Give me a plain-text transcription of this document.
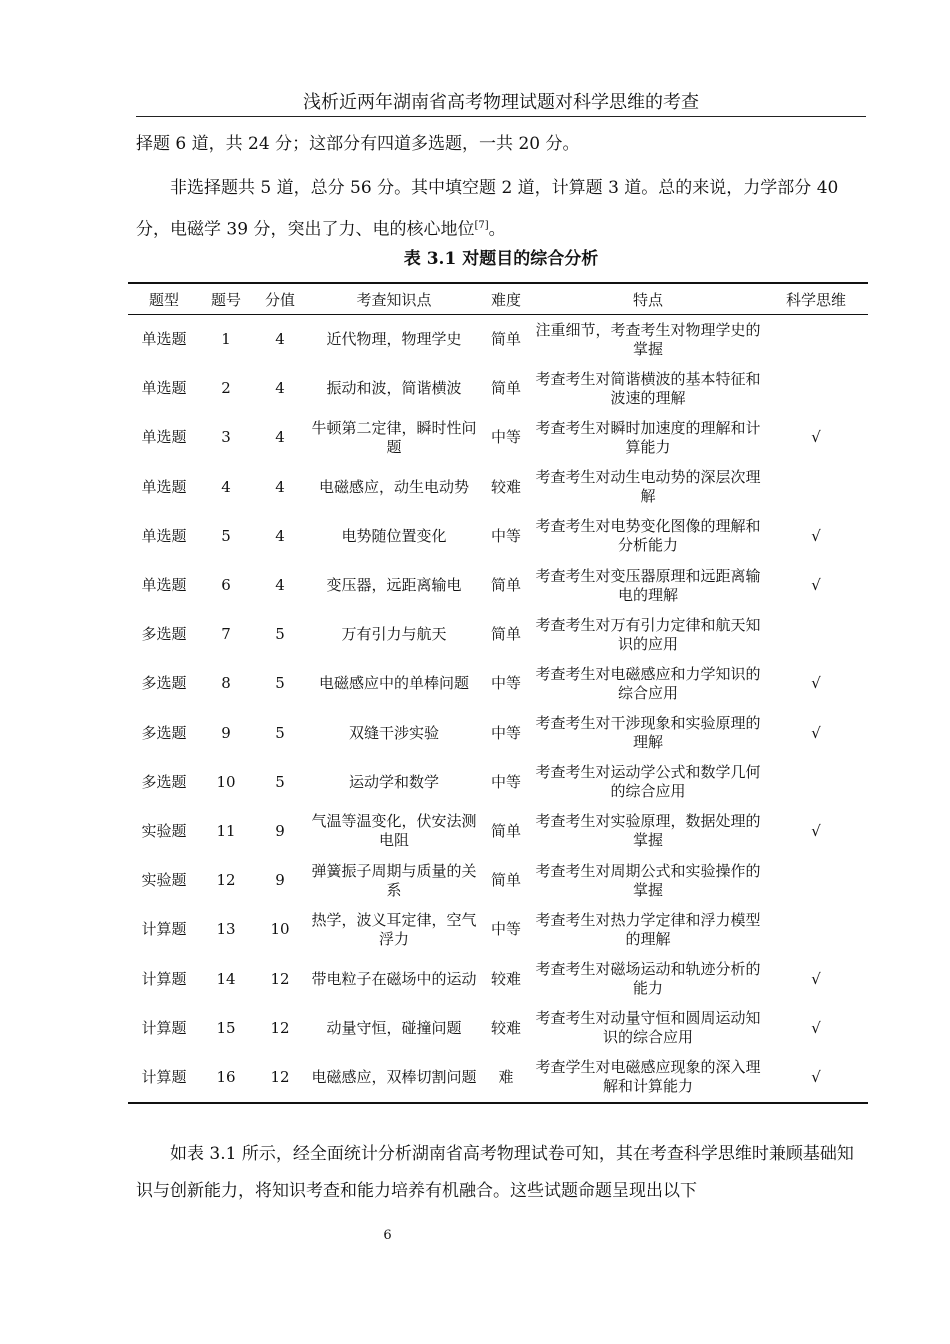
浅析近两年湖南省高考物理试题对科学思维的考查

择题 6 道，共 24 分；这部分有四道多选题，一共 20 分。

非选择题共 5 道，总分 56 分。其中填空题 2 道，计算题 3 道。总的来说，力学部分 40 分，电磁学 39 分，突出了力、电的核心地位[7]。

表 3.1 对题目的综合分析
题型	题号	分值	考查知识点	难度	特点	科学思维
单选题	1	4	近代物理，物理学史	简单	注重细节，考查考生对物理学史的掌握	
单选题	2	4	振动和波，简谐横波	简单	考查考生对简谐横波的基本特征和波速的理解	
单选题	3	4	牛顿第二定律，瞬时性问题	中等	考查考生对瞬时加速度的理解和计算能力	√
单选题	4	4	电磁感应，动生电动势	较难	考查考生对动生电动势的深层次理解	
单选题	5	4	电势随位置变化	中等	考查考生对电势变化图像的理解和分析能力	√
单选题	6	4	变压器，远距离输电	简单	考查考生对变压器原理和远距离输电的理解	√
多选题	7	5	万有引力与航天	简单	考查考生对万有引力定律和航天知识的应用	
多选题	8	5	电磁感应中的单棒问题	中等	考查考生对电磁感应和力学知识的综合应用	√
多选题	9	5	双缝干涉实验	中等	考查考生对干涉现象和实验原理的理解	√
多选题	10	5	运动学和数学	中等	考查考生对运动学公式和数学几何的综合应用	
实验题	11	9	气温等温变化，伏安法测电阻	简单	考查考生对实验原理，数据处理的掌握	√
实验题	12	9	弹簧振子周期与质量的关系	简单	考查考生对周期公式和实验操作的掌握	
计算题	13	10	热学，波义耳定律，空气浮力	中等	考查考生对热力学定律和浮力模型的理解	
计算题	14	12	带电粒子在磁场中的运动	较难	考查考生对磁场运动和轨迹分析的能力	√
计算题	15	12	动量守恒，碰撞问题	较难	考查考生对动量守恒和圆周运动知识的综合应用	√
计算题	16	12	电磁感应，双棒切割问题	难	考查学生对电磁感应现象的深入理解和计算能力	√

如表 3.1 所示，经全面统计分析湖南省高考物理试卷可知，其在考查科学思维时兼顾基础知识与创新能力，将知识考查和能力培养有机融合。这些试题命题呈现出以下

6
